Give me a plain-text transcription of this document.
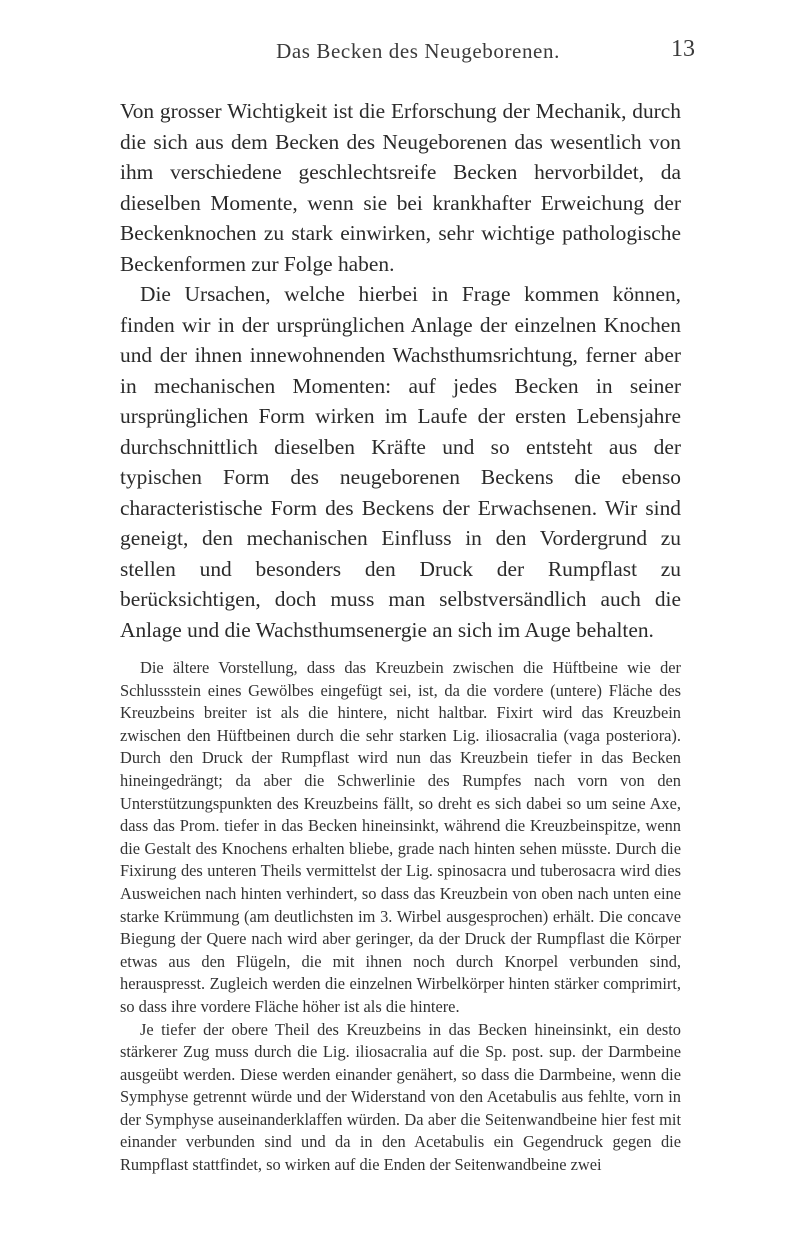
Das Becken des Neugeborenen.	13

Von grosser Wichtigkeit ist die Erforschung der Mechanik, durch die sich aus dem Becken des Neugeborenen das wesentlich von ihm verschiedene geschlechtsreife Becken hervorbildet, da dieselben Momente, wenn sie bei krankhafter Erweichung der Beckenknochen zu stark einwirken, sehr wichtige pathologische Beckenformen zur Folge haben.

Die Ursachen, welche hierbei in Frage kommen können, finden wir in der ursprünglichen Anlage der einzelnen Knochen und der ihnen innewohnenden Wachsthumsrichtung, ferner aber in mechanischen Momenten: auf jedes Becken in seiner ursprünglichen Form wirken im Laufe der ersten Lebensjahre durchschnittlich dieselben Kräfte und so entsteht aus der typischen Form des neugeborenen Beckens die ebenso characteristische Form des Beckens der Erwachsenen. Wir sind geneigt, den mechanischen Einfluss in den Vordergrund zu stellen und besonders den Druck der Rumpflast zu berücksichtigen, doch muss man selbstversändlich auch die Anlage und die Wachsthumsenergie an sich im Auge behalten.

Die ältere Vorstellung, dass das Kreuzbein zwischen die Hüftbeine wie der Schlussstein eines Gewölbes eingefügt sei, ist, da die vordere (untere) Fläche des Kreuzbeins breiter ist als die hintere, nicht haltbar. Fixirt wird das Kreuzbein zwischen den Hüftbeinen durch die sehr starken Lig. iliosacralia (vaga posteriora). Durch den Druck der Rumpflast wird nun das Kreuzbein tiefer in das Becken hineingedrängt; da aber die Schwerlinie des Rumpfes nach vorn von den Unterstützungspunkten des Kreuzbeins fällt, so dreht es sich dabei so um seine Axe, dass das Prom. tiefer in das Becken hineinsinkt, während die Kreuzbeinspitze, wenn die Gestalt des Knochens erhalten bliebe, grade nach hinten sehen müsste. Durch die Fixirung des unteren Theils vermittelst der Lig. spinosacra und tuberosacra wird dies Ausweichen nach hinten verhindert, so dass das Kreuzbein von oben nach unten eine starke Krümmung (am deutlichsten im 3. Wirbel ausgesprochen) erhält. Die concave Biegung der Quere nach wird aber geringer, da der Druck der Rumpflast die Körper etwas aus den Flügeln, die mit ihnen noch durch Knorpel verbunden sind, herauspresst. Zugleich werden die einzelnen Wirbelkörper hinten stärker comprimirt, so dass ihre vordere Fläche höher ist als die hintere.

Je tiefer der obere Theil des Kreuzbeins in das Becken hineinsinkt, ein desto stärkerer Zug muss durch die Lig. iliosacralia auf die Sp. post. sup. der Darmbeine ausgeübt werden. Diese werden einander genähert, so dass die Darmbeine, wenn die Symphyse getrennt würde und der Widerstand von den Acetabulis aus fehlte, vorn in der Symphyse auseinanderklaffen würden. Da aber die Seitenwandbeine hier fest mit einander verbunden sind und da in den Acetabulis ein Gegendruck gegen die Rumpflast stattfindet, so wirken auf die Enden der Seitenwandbeine zwei
